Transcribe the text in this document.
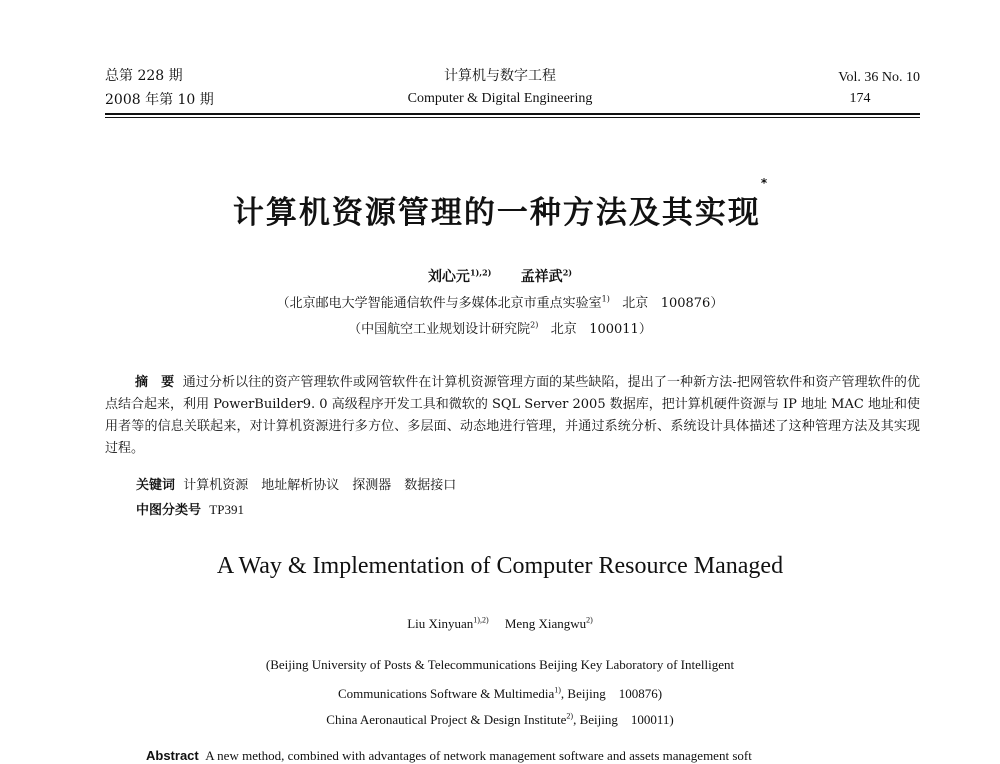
总第 228 期
2008 年第 10 期
计算机与数字工程
Computer & Digital Engineering
Vol. 36 No. 10
174
计算机资源管理的一种方法及其实现*
刘心元$^{1),2)}$ 孟祥武$^{2)}$
（北京邮电大学智能通信软件与多媒体北京市重点实验室$^{1)}$ 北京 100876）
（中国航空工业规划设计研究院$^{2)}$ 北京 100011）
摘　要 通过分析以往的资产管理软件或网管软件在计算机资源管理方面的某些缺陷，提出了一种新方法-把网管软件和资产管理软件的优点结合起来，利用 PowerBuilder9. 0 高级程序开发工具和微软的 SQL Server 2005 数据库，把计算机硬件资源与 IP 地址 MAC 地址和使用者等的信息关联起来，对计算机资源进行多方位、多层面、动态地进行管理，并通过系统分析、系统设计具体描述了这种管理方法及其实现过程。
关键词 计算机资源　地址解析协议　探测器　数据接口
中图分类号 TP391
A Way & Implementation of Computer Resource Managed
Liu Xinyuan$^{1),2)}$ Meng Xiangwu$^{2)}$
(Beijing University of Posts & Telecommunications Beijing Key Laboratory of Intelligent
Communications Software & Multimedia$^{1)}$, Beijing　100876)
China Aeronautical Project & Design Institute$^{2)}$, Beijing　100011)
Abstract A new method, combined with advantages of network management software and assets management soft
